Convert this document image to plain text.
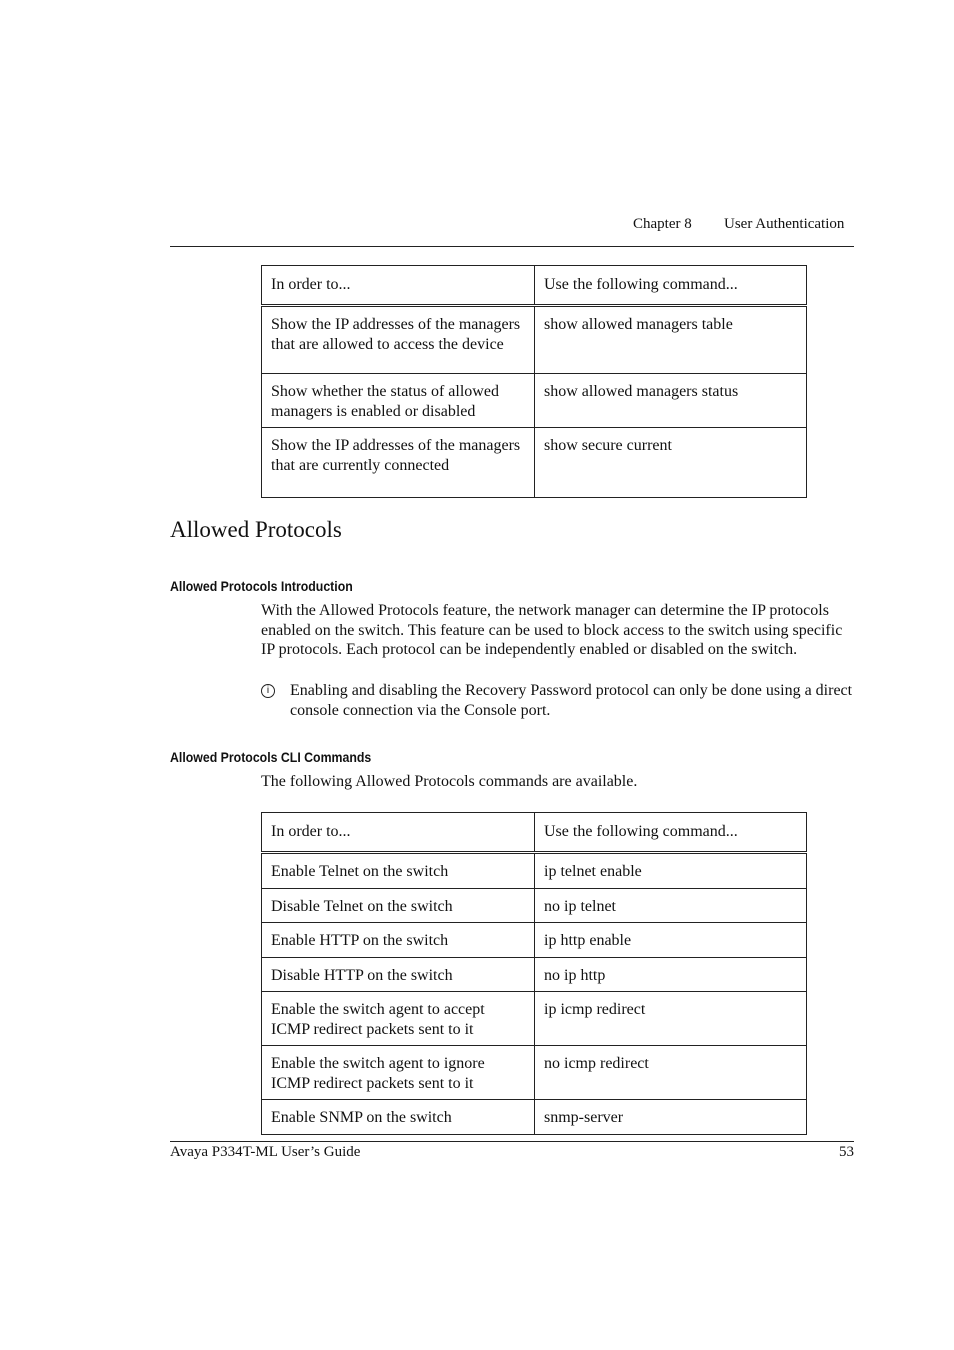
Chapter 8 User Authentication
In order to...	Use the following command...
Show the IP addresses of the managers that are allowed to access the device	show allowed managers table
Show whether the status of allowed managers is enabled or disabled	show allowed managers status
Show the IP addresses of the managers that are currently connected	show secure current
Allowed Protocols
Allowed Protocols Introduction
With the Allowed Protocols feature, the network manager can determine the IP protocols enabled on the switch. This feature can be used to block access to the switch using specific IP protocols. Each protocol can be independently enabled or disabled on the switch.
i	Enabling and disabling the Recovery Password protocol can only be done using a direct console connection via the Console port.
Allowed Protocols CLI Commands
The following Allowed Protocols commands are available.
In order to...	Use the following command...
Enable Telnet on the switch	ip telnet enable
Disable Telnet on the switch	no ip telnet
Enable HTTP on the switch	ip http enable
Disable HTTP on the switch	no ip http
Enable the switch agent to accept ICMP redirect packets sent to it	ip icmp redirect
Enable the switch agent to ignore ICMP redirect packets sent to it	no icmp redirect
Enable SNMP on the switch	snmp-server
Avaya P334T-ML User’s Guide	53
